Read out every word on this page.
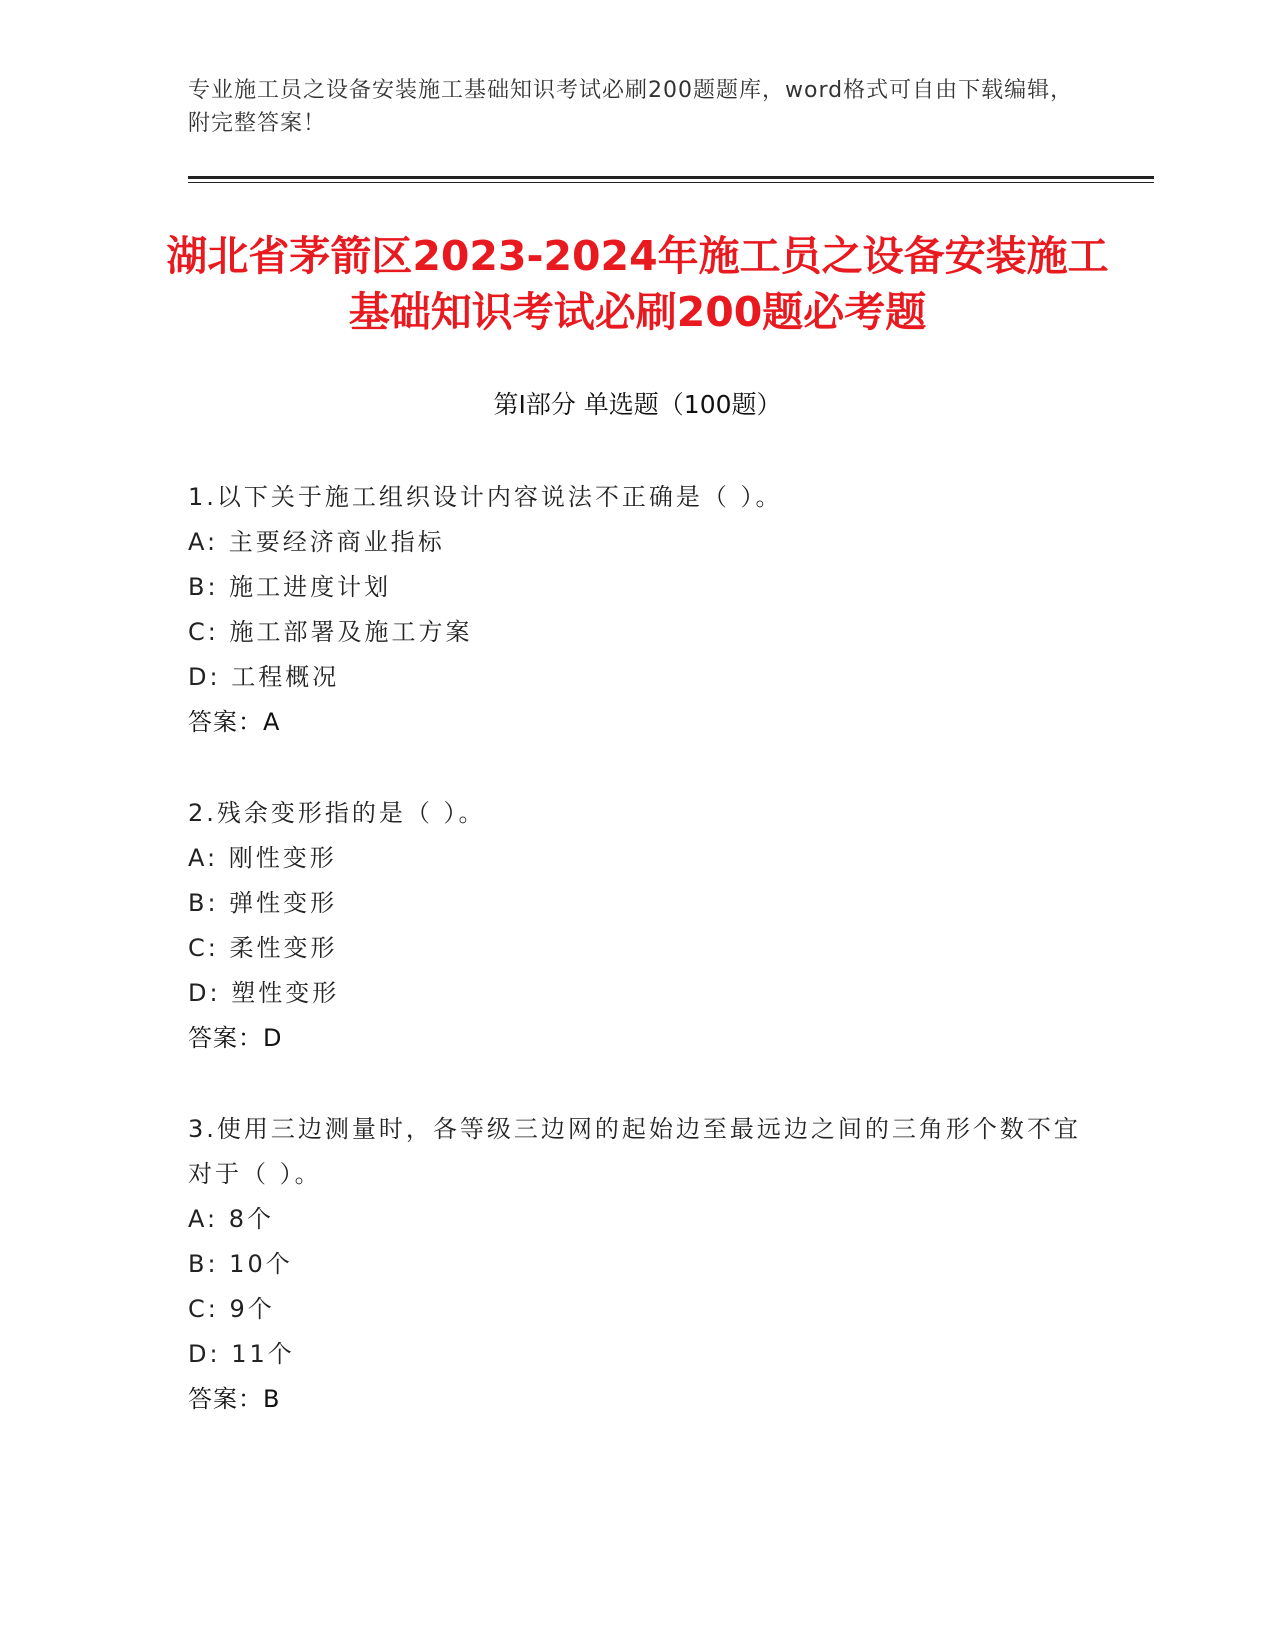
专业施工员之设备安装施工基础知识考试必刷200题题库，word格式可自由下载编辑，附完整答案！
湖北省茅箭区2023-2024年施工员之设备安装施工基础知识考试必刷200题必考题
第I部分 单选题（100题）
1.以下关于施工组织设计内容说法不正确是（ ）。
A: 主要经济商业指标
B: 施工进度计划
C: 施工部署及施工方案
D: 工程概况
答案：A
2.残余变形指的是（ ）。
A: 刚性变形
B: 弹性变形
C: 柔性变形
D: 塑性变形
答案：D
3.使用三边测量时，各等级三边网的起始边至最远边之间的三角形个数不宜对于（ ）。
A: 8个
B: 10个
C: 9个
D: 11个
答案：B
